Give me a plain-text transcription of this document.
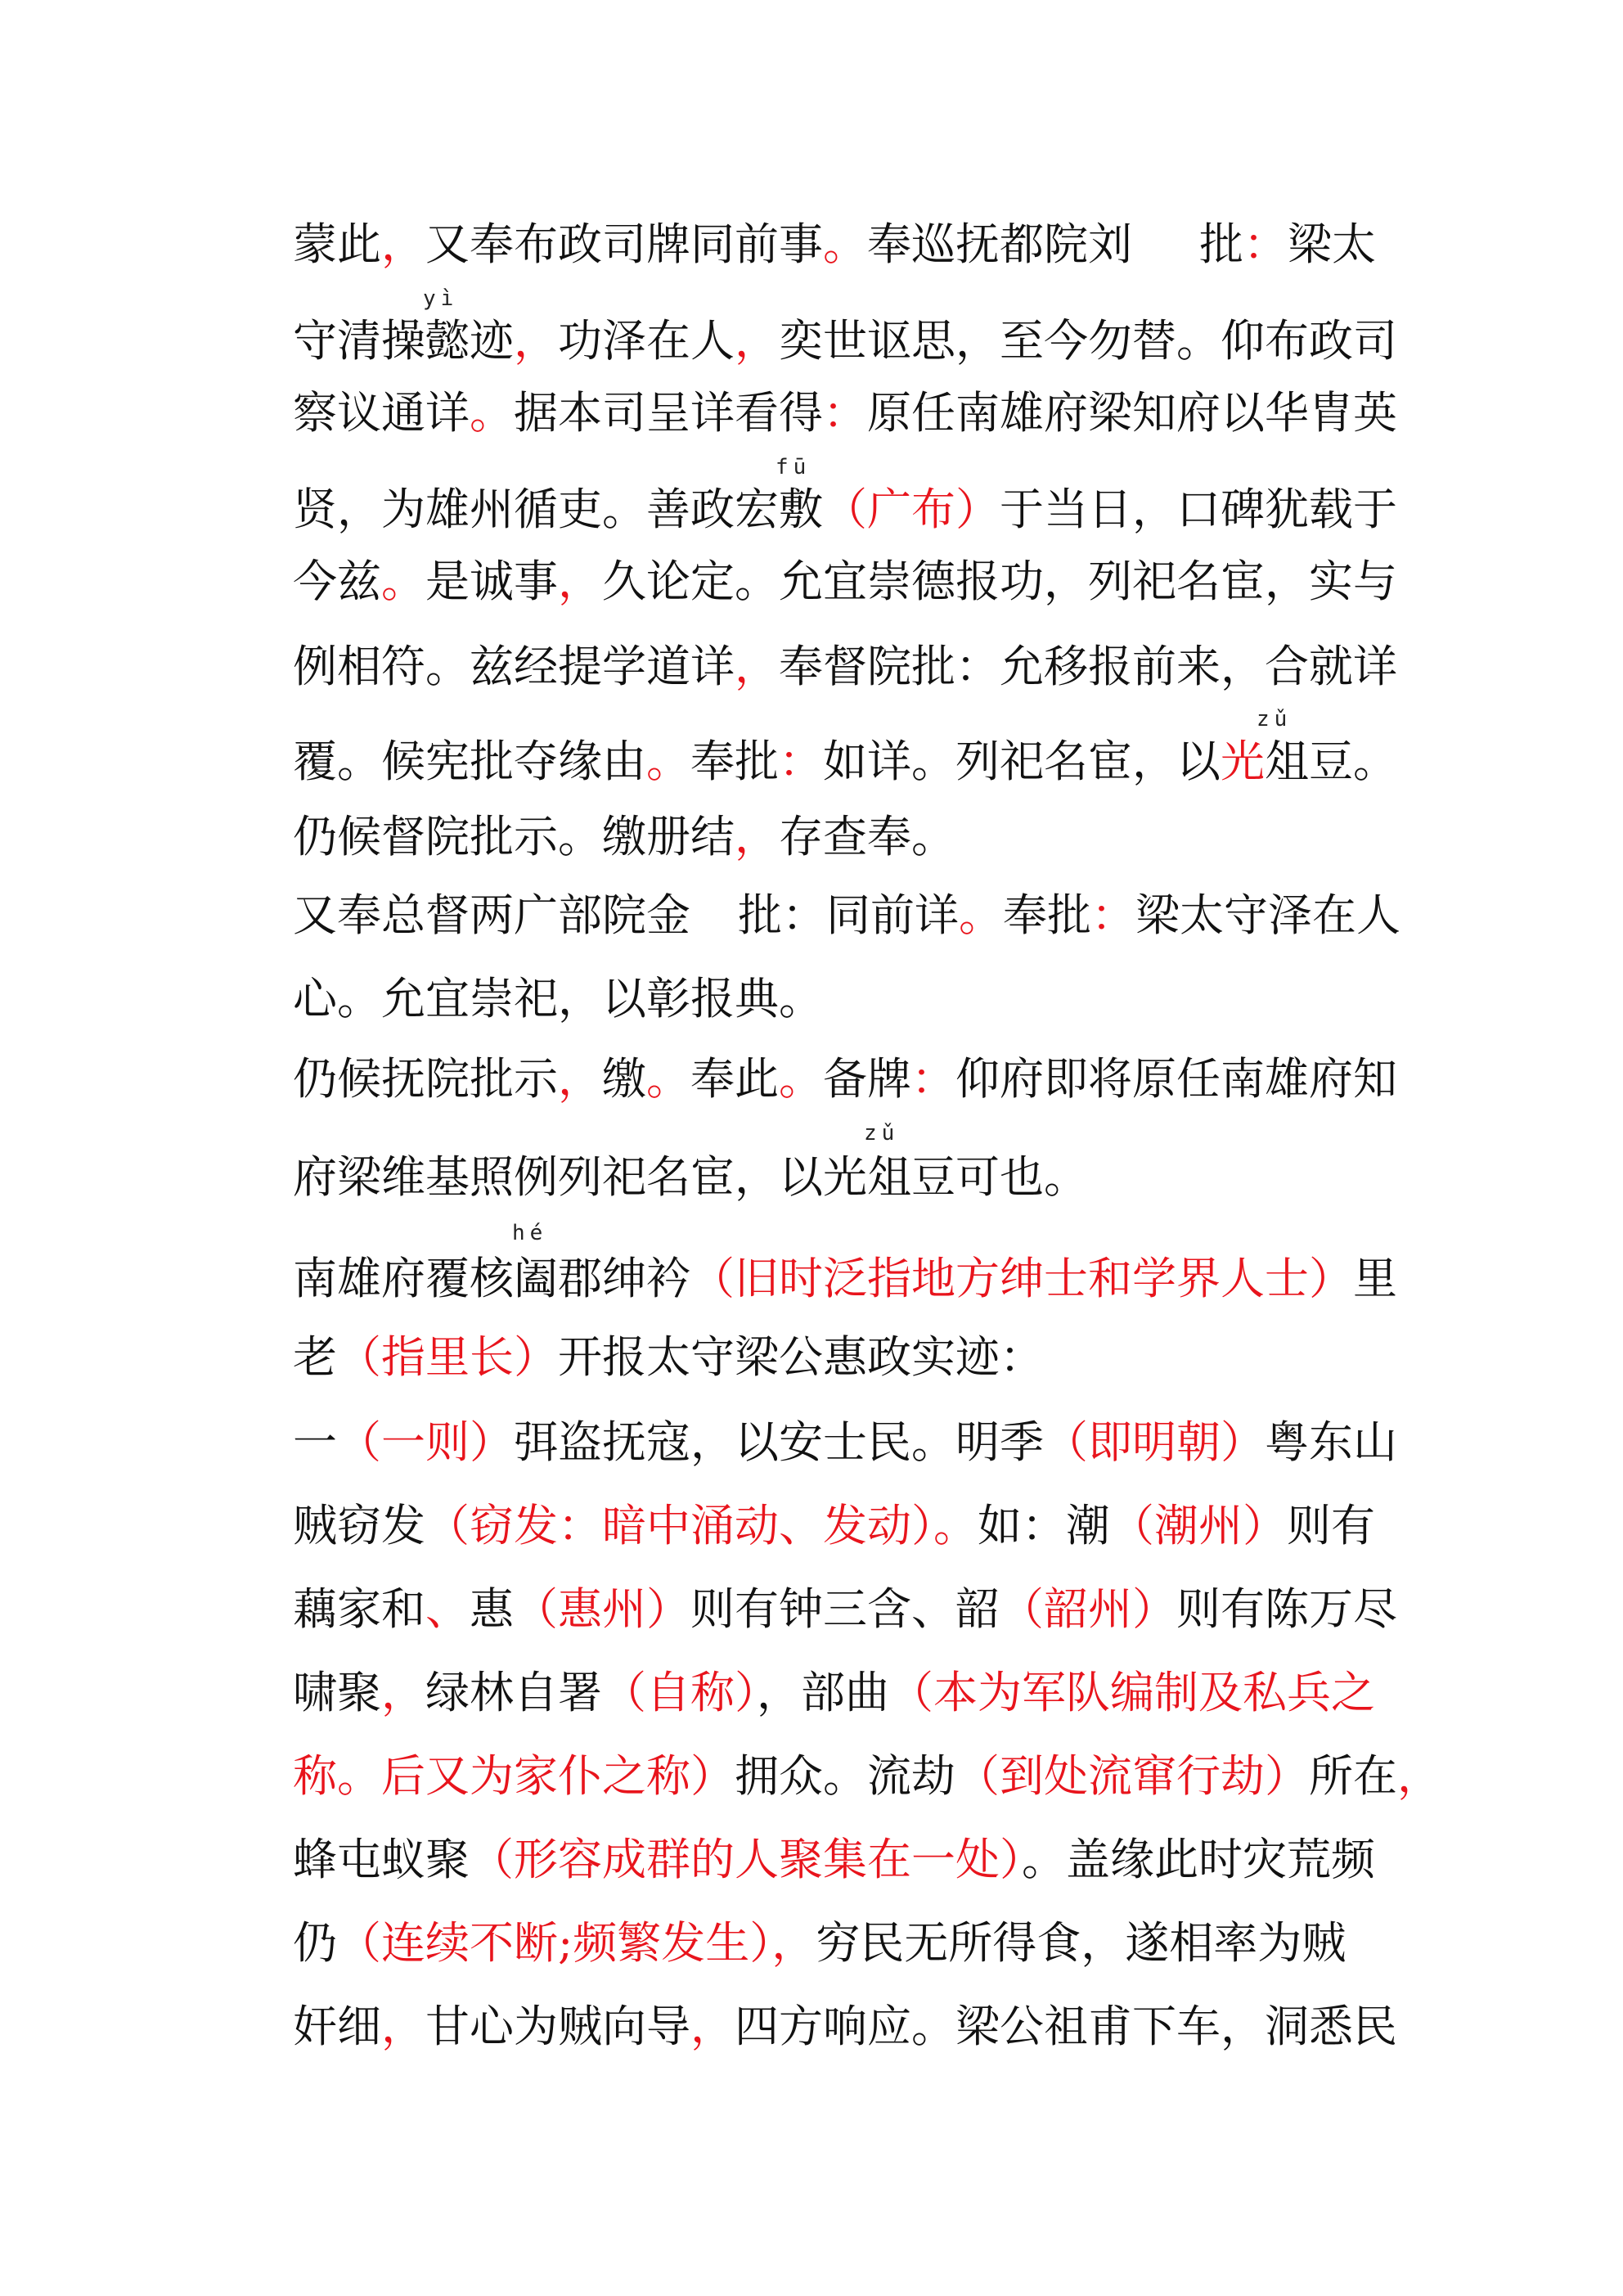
蒙此，又奉布政司牌同前事。奉巡抚都院刘 批：梁太
yì
守清操懿迹，功泽在人，奕世讴思，至今勿替。仰布政司
察议通详。据本司呈详看得：原任南雄府梁知府以华胄英
fū
贤，为雄州循吏。善政宏敷（广布）于当日，口碑犹载于
今兹。是诚事，久论定。允宜崇德报功，列祀名宦，实与
例相符。兹经提学道详，奉督院批：允移报前来，合就详
zǔ
覆。候宪批夺缘由。奉批：如详。列祀名宦，以光俎豆。
仍候督院批示。缴册结，存查奉。
又奉总督两广部院金 批：同前详。奉批：梁太守泽在人
心。允宜崇祀，以彰报典。
仍候抚院批示，缴。奉此。备牌：仰府即将原任南雄府知
zǔ
府梁维基照例列祀名宦，以光俎豆可也。
hé
南雄府覆核阖郡绅衿（旧时泛指地方绅士和学界人士）里
老（指里长）开报太守梁公惠政实迹：
一（一则）弭盗抚寇，以安士民。明季（即明朝）粤东山
贼窃发（窃发：暗中涌动、发动）。如：潮（潮州）则有
藕家和、惠（惠州）则有钟三含、韶（韶州）则有陈万尽
啸聚，绿林自署（自称），部曲（本为军队编制及私兵之
称。后又为家仆之称）拥众。流劫（到处流窜行劫）所在，
蜂屯蚁聚（形容成群的人聚集在一处）。盖缘此时灾荒频
仍（连续不断;频繁发生），穷民无所得食，遂相率为贼
奸细，甘心为贼向导，四方响应。梁公祖甫下车，洞悉民
